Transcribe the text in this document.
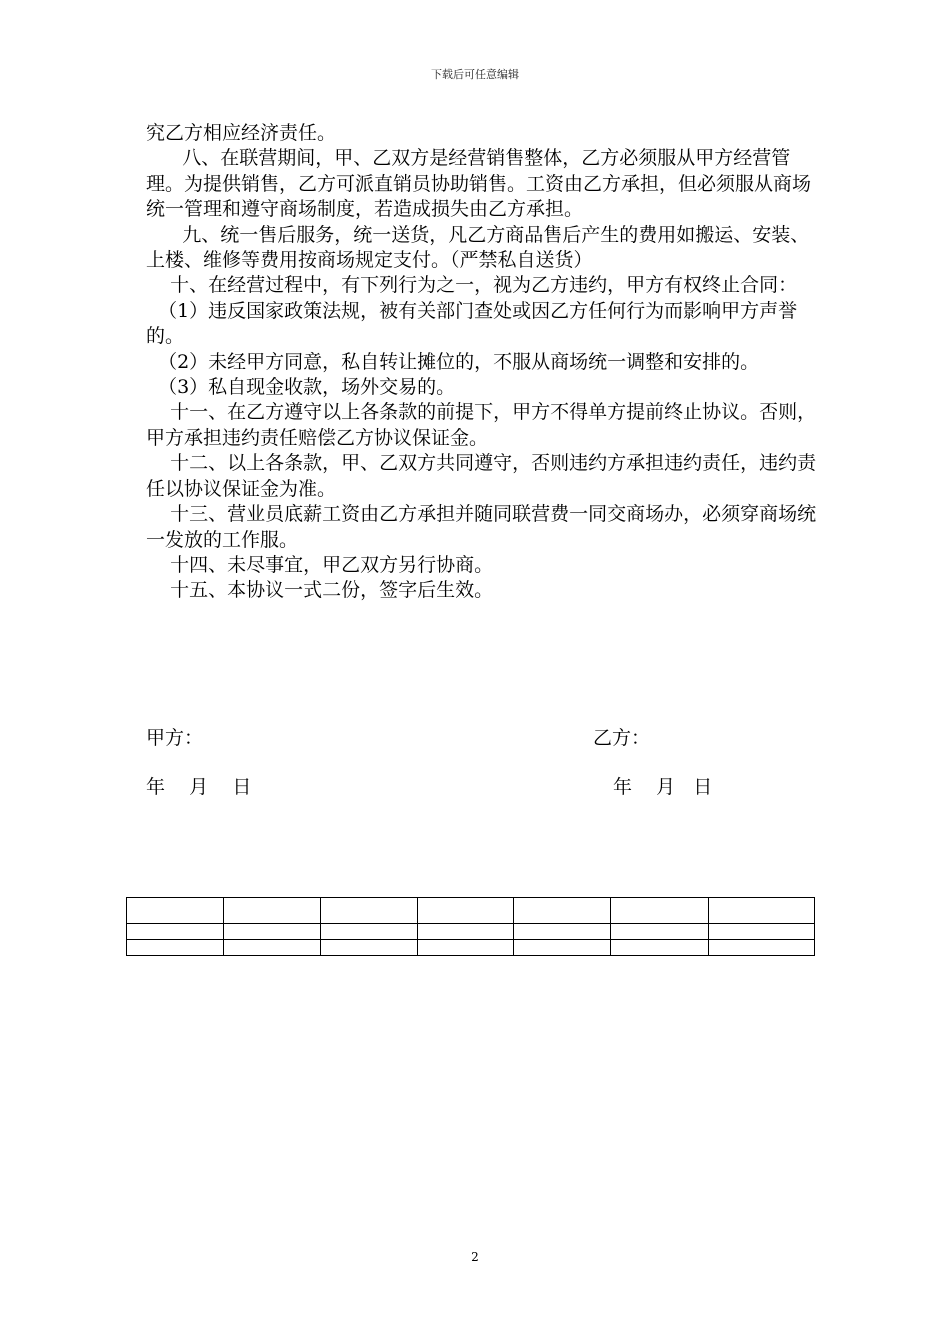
下载后可任意编辑

究乙方相应经济责任。

八、在联营期间，甲、乙双方是经营销售整体，乙方必须服从甲方经营管理。为提供销售，乙方可派直销员协助销售。工资由乙方承担，但必须服从商场统一管理和遵守商场制度，若造成损失由乙方承担。

九、统一售后服务，统一送货，凡乙方商品售后产生的费用如搬运、安装、上楼、维修等费用按商场规定支付。（严禁私自送货）

十、在经营过程中，有下列行为之一，视为乙方违约，甲方有权终止合同：

（1）违反国家政策法规，被有关部门查处或因乙方任何行为而影响甲方声誉的。

（2）未经甲方同意，私自转让摊位的，不服从商场统一调整和安排的。

（3）私自现金收款，场外交易的。

十一、在乙方遵守以上各条款的前提下，甲方不得单方提前终止协议。否则，甲方承担违约责任赔偿乙方协议保证金。

十二、以上各条款，甲、乙双方共同遵守，否则违约方承担违约责任，违约责任以协议保证金为准。

十三、营业员底薪工资由乙方承担并随同联营费一同交商场办，必须穿商场统一发放的工作服。

十四、未尽事宜，甲乙双方另行协商。

十五、本协议一式二份，签字后生效。

甲方：	乙方：
年    月    日	年    月   日

2
